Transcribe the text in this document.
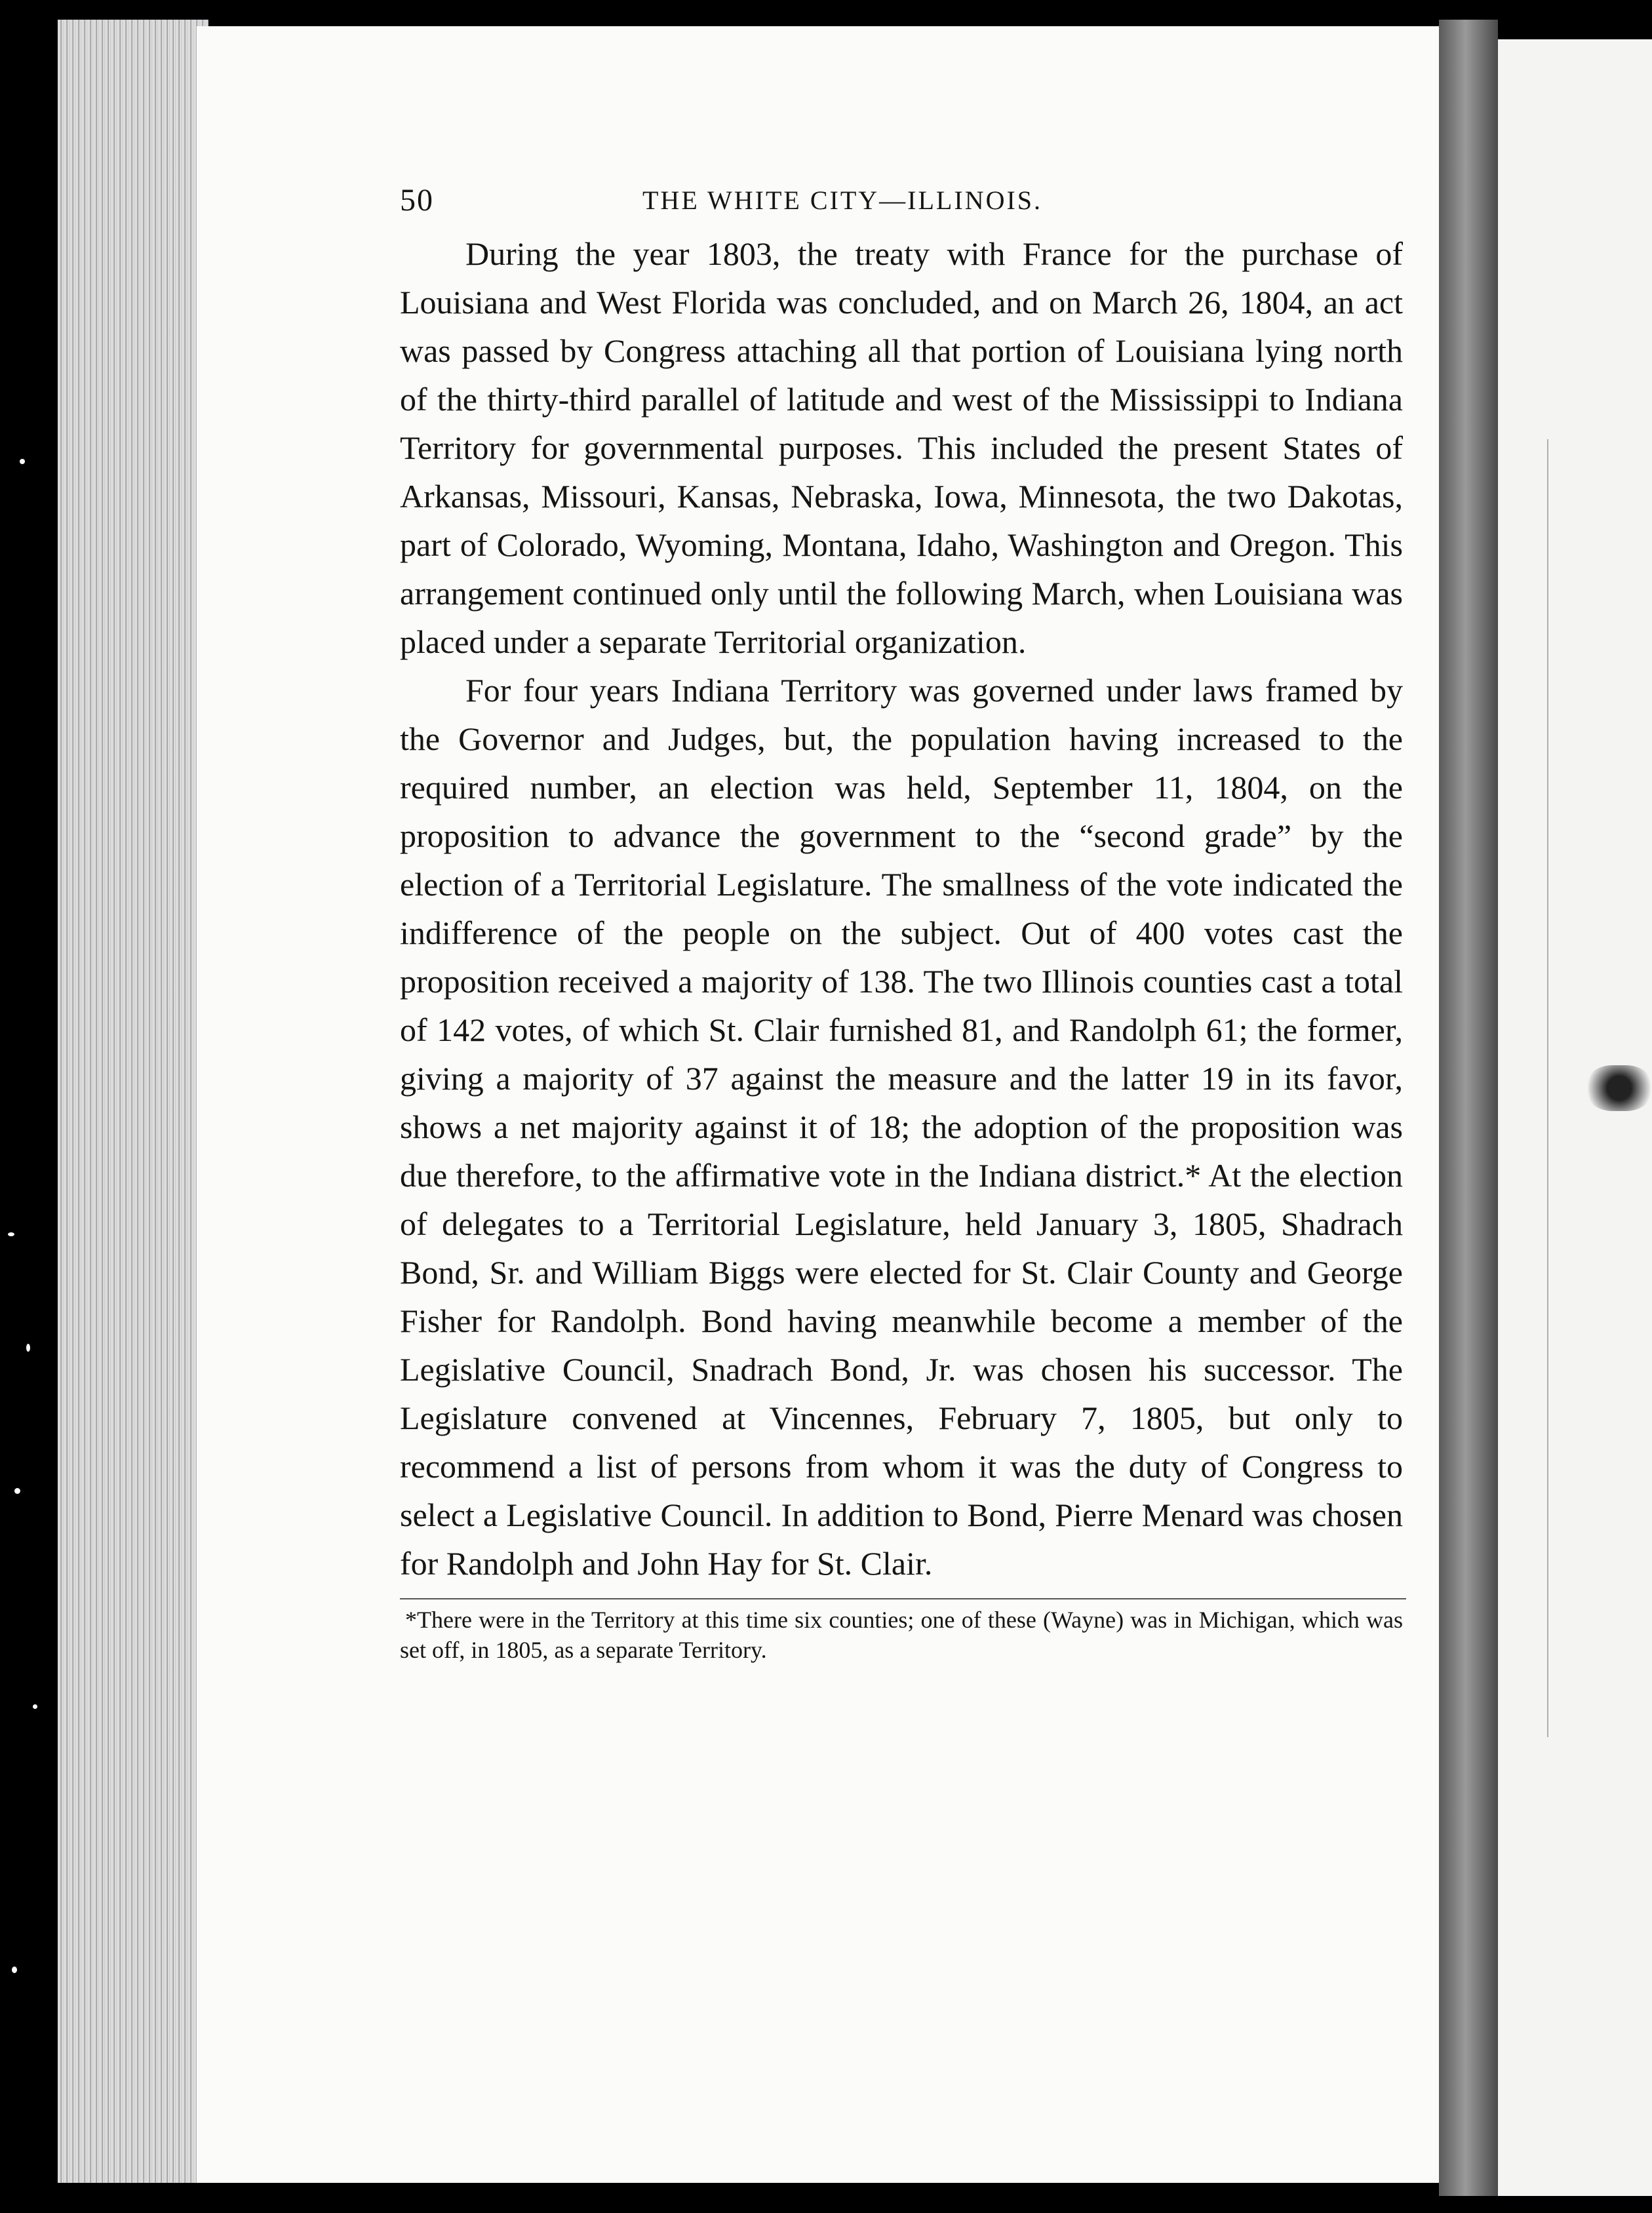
50	THE WHITE CITY—ILLINOIS.

During the year 1803, the treaty with France for the purchase of Louisiana and West Florida was concluded, and on March 26, 1804, an act was passed by Congress attaching all that portion of Louisiana lying north of the thirty-third parallel of latitude and west of the Mississippi to Indiana Territory for governmental purposes. This included the present States of Arkansas, Missouri, Kansas, Nebraska, Iowa, Minnesota, the two Dakotas, part of Colorado, Wyoming, Montana, Idaho, Washington and Oregon. This arrangement continued only until the following March, when Louisiana was placed under a separate Territorial organization.

For four years Indiana Territory was governed under laws framed by the Governor and Judges, but, the population having increased to the required number, an election was held, September 11, 1804, on the proposition to advance the government to the “second grade” by the election of a Territorial Legislature. The smallness of the vote indicated the indifference of the people on the subject. Out of 400 votes cast the proposition received a majority of 138. The two Illinois counties cast a total of 142 votes, of which St. Clair furnished 81, and Randolph 61; the former, giving a majority of 37 against the measure and the latter 19 in its favor, shows a net majority against it of 18; the adoption of the proposition was due therefore, to the affirmative vote in the Indiana district.* At the election of delegates to a Territorial Legislature, held January 3, 1805, Shadrach Bond, Sr. and William Biggs were elected for St. Clair County and George Fisher for Randolph. Bond having meanwhile become a member of the Legislative Council, Snadrach Bond, Jr. was chosen his successor. The Legislature convened at Vincennes, February 7, 1805, but only to recommend a list of persons from whom it was the duty of Congress to select a Legislative Council. In addition to Bond, Pierre Menard was chosen for Randolph and John Hay for St. Clair.

*There were in the Territory at this time six counties; one of these (Wayne) was in Michigan, which was set off, in 1805, as a separate Territory.
